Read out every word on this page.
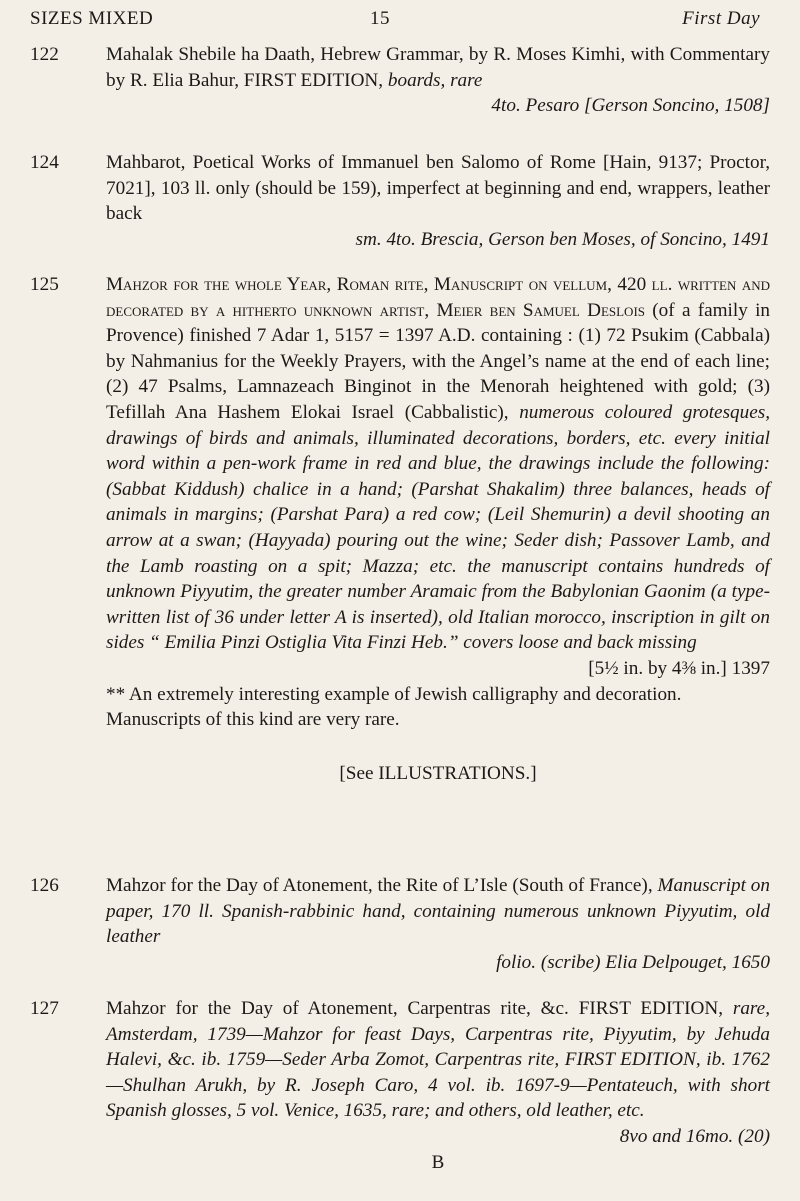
SIZES MIXED	15	First Day
122	Mahalak Shebile ha Daath, Hebrew Grammar, by R. Moses Kimhi, with Commentary by R. Elia Bahur, FIRST EDITION, boards, rare
4to. Pesaro [Gerson Soncino, 1508]
124	Mahbarot, Poetical Works of Immanuel ben Salomo of Rome [Hain, 9137; Proctor, 7021], 103 ll. only (should be 159), imperfect at beginning and end, wrappers, leather back
sm. 4to. Brescia, Gerson ben Moses, of Soncino, 1491
125	Mahzor for the whole Year, Roman rite, Manuscript on vellum, 420 ll. written and decorated by a hitherto unknown artist, Meier ben Samuel Deslois (of a family in Provence) finished 7 Adar 1, 5157 = 1397 A.D. containing : (1) 72 Psukim (Cabbala) by Nahmanius for the Weekly Prayers, with the Angel’s name at the end of each line; (2) 47 Psalms, Lamnazeach Binginot in the Menorah heightened with gold; (3) Tefillah Ana Hashem Elokai Israel (Cabbalistic), numerous coloured grotesques, drawings of birds and animals, illuminated decorations, borders, etc. every initial word within a pen-work frame in red and blue, the drawings include the following: (Sabbat Kiddush) chalice in a hand; (Parshat Shakalim) three balances, heads of animals in margins; (Parshat Para) a red cow; (Leil Shemurin) a devil shooting an arrow at a swan; (Hayyada) pouring out the wine; Seder dish; Passover Lamb, and the Lamb roasting on a spit; Mazza; etc. the manuscript contains hundreds of unknown Piyyutim, the greater number Aramaic from the Babylonian Gaonim (a type-written list of 36 under letter A is inserted), old Italian morocco, inscription in gilt on sides “ Emilia Pinzi Ostiglia Vita Finzi Heb.” covers loose and back missing
[5½ in. by 4⅜ in.] 1397
** An extremely interesting example of Jewish calligraphy and decoration. Manuscripts of this kind are very rare.
[See ILLUSTRATIONS.]
126	Mahzor for the Day of Atonement, the Rite of L’Isle (South of France), Manuscript on paper, 170 ll. Spanish-rabbinic hand, containing numerous unknown Piyyutim, old leather
folio. (scribe) Elia Delpouget, 1650
127	Mahzor for the Day of Atonement, Carpentras rite, &c. FIRST EDITION, rare, Amsterdam, 1739—Mahzor for feast Days, Carpentras rite, Piyyutim, by Jehuda Halevi, &c. ib. 1759—Seder Arba Zomot, Carpentras rite, FIRST EDITION, ib. 1762—Shulhan Arukh, by R. Joseph Caro, 4 vol. ib. 1697-9—Pentateuch, with short Spanish glosses, 5 vol. Venice, 1635, rare; and others, old leather, etc.
8vo and 16mo. (20)
B
